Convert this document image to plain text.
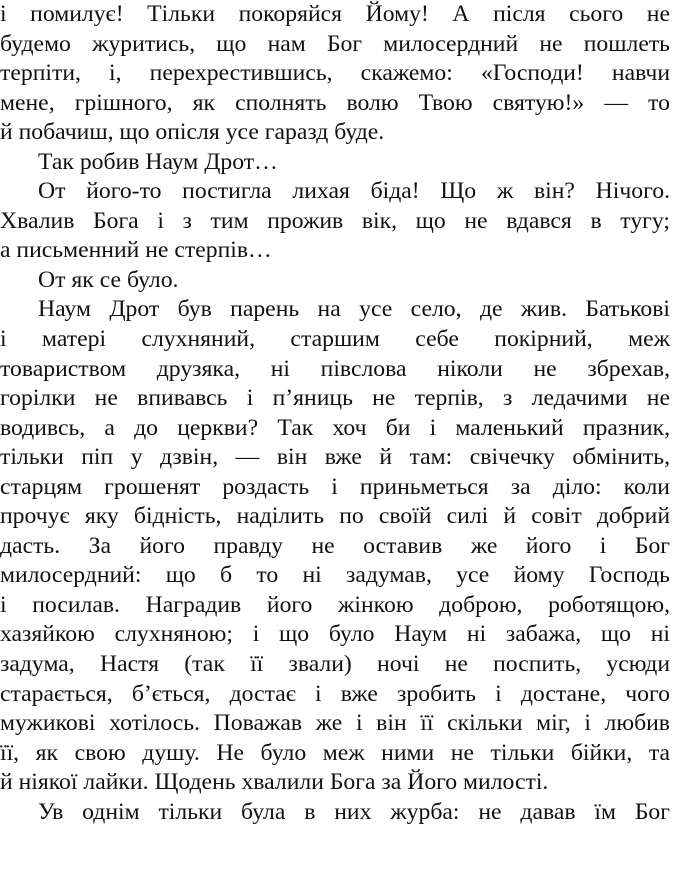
і помилує! Тільки покоряйся Йому! А після сього не
будемо журитись, що нам Бог милосердний не пошлеть
терпіти, і, перехрестившись, скажемо: «Господи! навчи
мене, грішного, як сполнять волю Твою святую!» — то
й побачиш, що опісля усе гаразд буде.
Так робив Наум Дрот…
От його-то постигла лихая біда! Що ж він? Нічого.
Хвалив Бога і з тим прожив вік, що не вдався в тугу;
а письменний не стерпів…
От як се було.
Наум Дрот був парень на усе село, де жив. Батькові
і матері слухняний, старшим себе покірний, меж
товариством друзяка, ні півслова ніколи не збрехав,
горілки не впивавсь і п’яниць не терпів, з ледачими не
водивсь, а до церкви? Так хоч би і маленький празник,
тільки піп у дзвін, — він вже й там: свічечку обмінить,
старцям грошенят роздасть і приньметься за діло: коли
прочує яку бідність, наділить по своїй силі й совіт добрий
дасть. За його правду не оставив же його і Бог
милосердний: що б то ні задумав, усе йому Господь
і посилав. Наградив його жінкою доброю, роботящою,
хазяйкою слухняною; і що було Наум ні забажа, що ні
задума, Настя (так її звали) ночі не поспить, усюди
старається, б’ється, достає і вже зробить і достане, чого
мужикові хотілось. Поважав же і він її скільки міг, і любив
її, як свою душу. Не було меж ними не тільки бійки, та
й ніякої лайки. Щодень хвалили Бога за Його милості.
Ув однім тільки була в них журба: не давав їм Бог
